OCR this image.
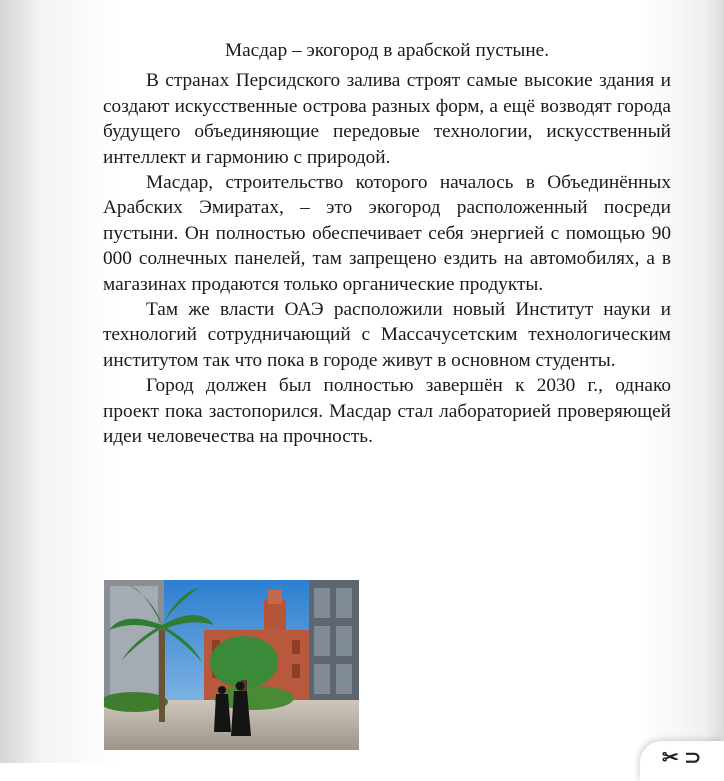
Масдар – экогород в арабской пустыне.

В странах Персидского залива строят самые высокие здания и создают искусственные острова разных форм, а ещё возводят города будущего объединяющие передовые технологии, искусственный интеллект и гармонию с природой.

Масдар, строительство которого началось в Объединённых Арабских Эмиратах, – это экогород расположенный посреди пустыни. Он полностью обеспечивает себя энергией с помощью 90 000 солнечных панелей, там запрещено ездить на автомобилях, а в магазинах продаются только органические продукты.

Там же власти ОАЭ расположили новый Институт науки и технологий сотрудничающий с Массачусетским технологическим институтом так что пока в городе живут в основном студенты.

Город должен был полностью завершён к 2030 г., однако проект пока застопорился. Масдар стал лабораторией проверяющей идеи человечества на прочность.

✂ ⊃
